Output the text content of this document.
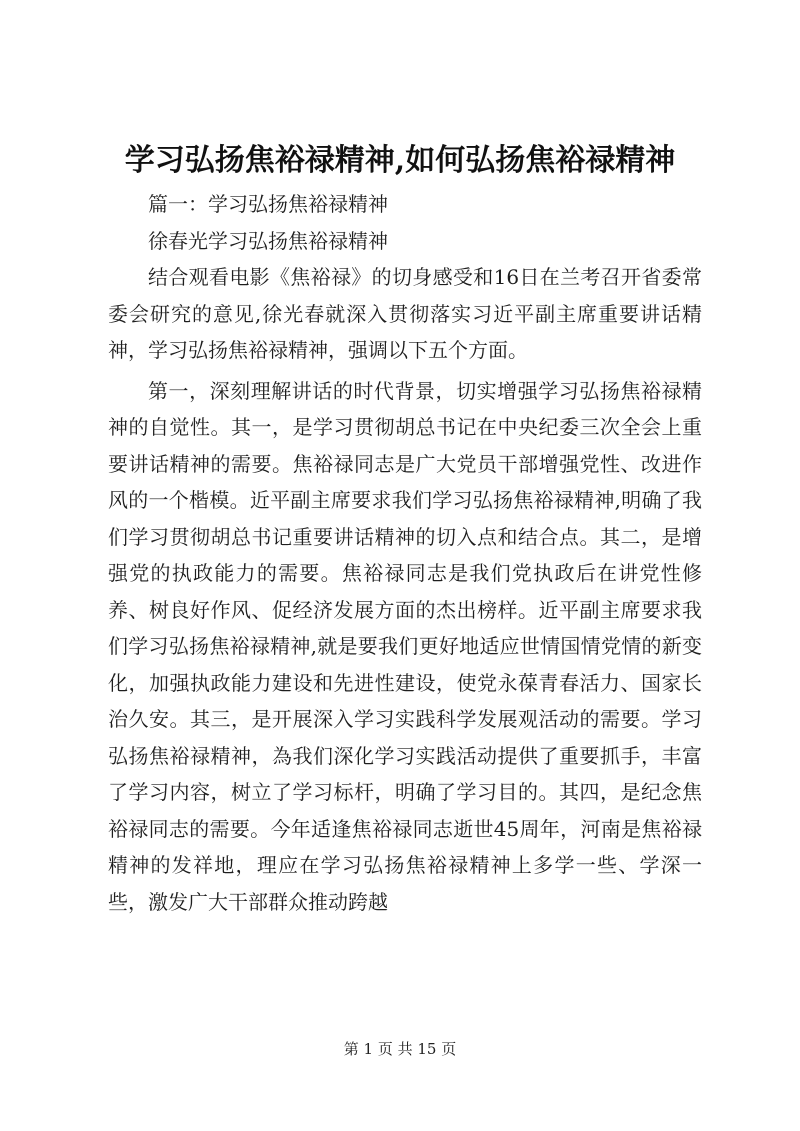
学习弘扬焦裕禄精神,如何弘扬焦裕禄精神

篇一：学习弘扬焦裕禄精神

徐春光学习弘扬焦裕禄精神

结合观看电影《焦裕禄》的切身感受和16日在兰考召开省委常委会研究的意见,徐光春就深入贯彻落实习近平副主席重要讲话精神，学习弘扬焦裕禄精神，强调以下五个方面。

第一，深刻理解讲话的时代背景，切实增强学习弘扬焦裕禄精神的自觉性。其一，是学习贯彻胡总书记在中央纪委三次全会上重要讲话精神的需要。焦裕禄同志是广大党员干部增强党性、改进作风的一个楷模。近平副主席要求我们学习弘扬焦裕禄精神,明确了我们学习贯彻胡总书记重要讲话精神的切入点和结合点。其二，是增强党的执政能力的需要。焦裕禄同志是我们党执政后在讲党性修养、树良好作风、促经济发展方面的杰出榜样。近平副主席要求我们学习弘扬焦裕禄精神,就是要我们更好地适应世情国情党情的新变化，加强执政能力建设和先进性建设，使党永葆青春活力、国家长治久安。其三，是开展深入学习实践科学发展观活动的需要。学习弘扬焦裕禄精神，為我们深化学习实践活动提供了重要抓手，丰富了学习内容，树立了学习标杆，明确了学习目的。其四，是纪念焦裕禄同志的需要。今年适逢焦裕禄同志逝世45周年，河南是焦裕禄精神的发祥地，理应在学习弘扬焦裕禄精神上多学一些、学深一些，激发广大干部群众推动跨越

第 1 页 共 15 页
